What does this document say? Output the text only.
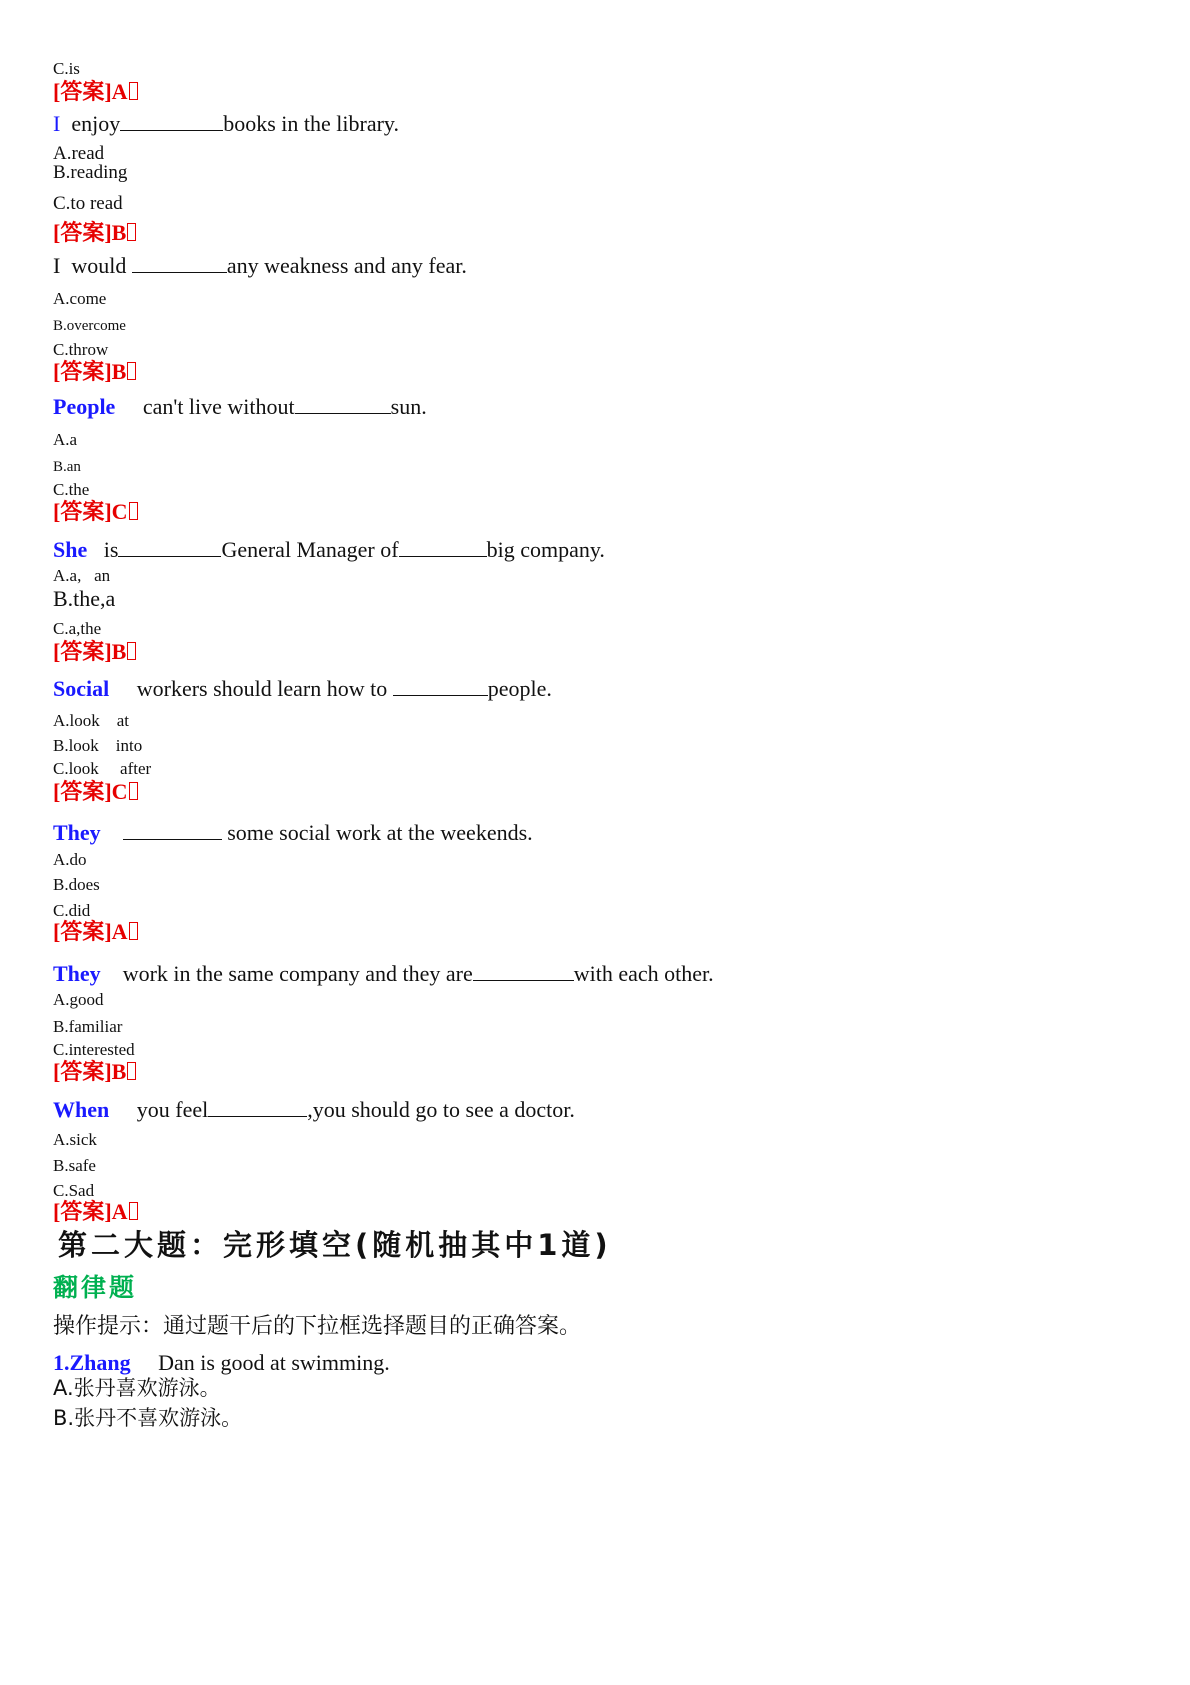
C.is
[答案]A
I enjoy	books in the library.
A.read
B.reading
C.to read
[答案]B
I would	any weakness and any fear.
A.come
B.overcome
C.throw
[答案]B
People can't live without	sun.
A.a
B.an
C.the
[答案]C
She is	General Manager of	big company.
A.a,   an
B.the,a
C.a,the
[答案]B
Social workers should learn how to	people.
A.look    at
B.look    into
C.look     after
[答案]C
They	some social work at the weekends.
A.do
B.does
C.did
[答案]A
They work in the same company and they are	with each other.
A.good
B.familiar
C.interested
[答案]B
When you feel	,you should go to see a doctor.
A.sick
B.safe
C.Sad
[答案]A
第二大题：完形填空(随机抽其中1道)
翻律题
操作提示：通过题干后的下拉框选择题目的正确答案。
1.Zhang Dan is good at swimming.
A.张丹喜欢游泳。
B.张丹不喜欢游泳。
